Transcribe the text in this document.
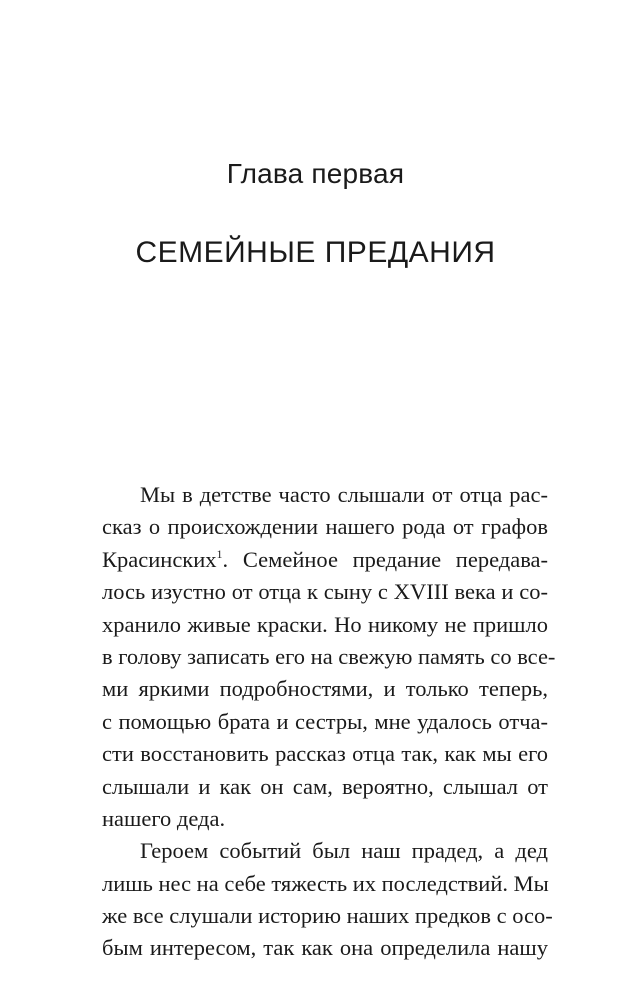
Глава первая
СЕМЕЙНЫЕ ПРЕДАНИЯ
Мы в детстве часто слышали от отца рас-
сказ о происхождении нашего рода от графов
Красинских$^1$. Семейное предание передава-
лось изустно от отца к сыну с XVIII века и со-
хранило живые краски. Но никому не пришло
в голову записать его на свежую память со все-
ми яркими подробностями, и только теперь,
с помощью брата и сестры, мне удалось отча-
сти восстановить рассказ отца так, как мы его
слышали и как он сам, вероятно, слышал от
нашего деда.
Героем событий был наш прадед, а дед
лишь нес на себе тяжесть их последствий. Мы
же все слушали историю наших предков с осо-
бым интересом, так как она определила нашу
